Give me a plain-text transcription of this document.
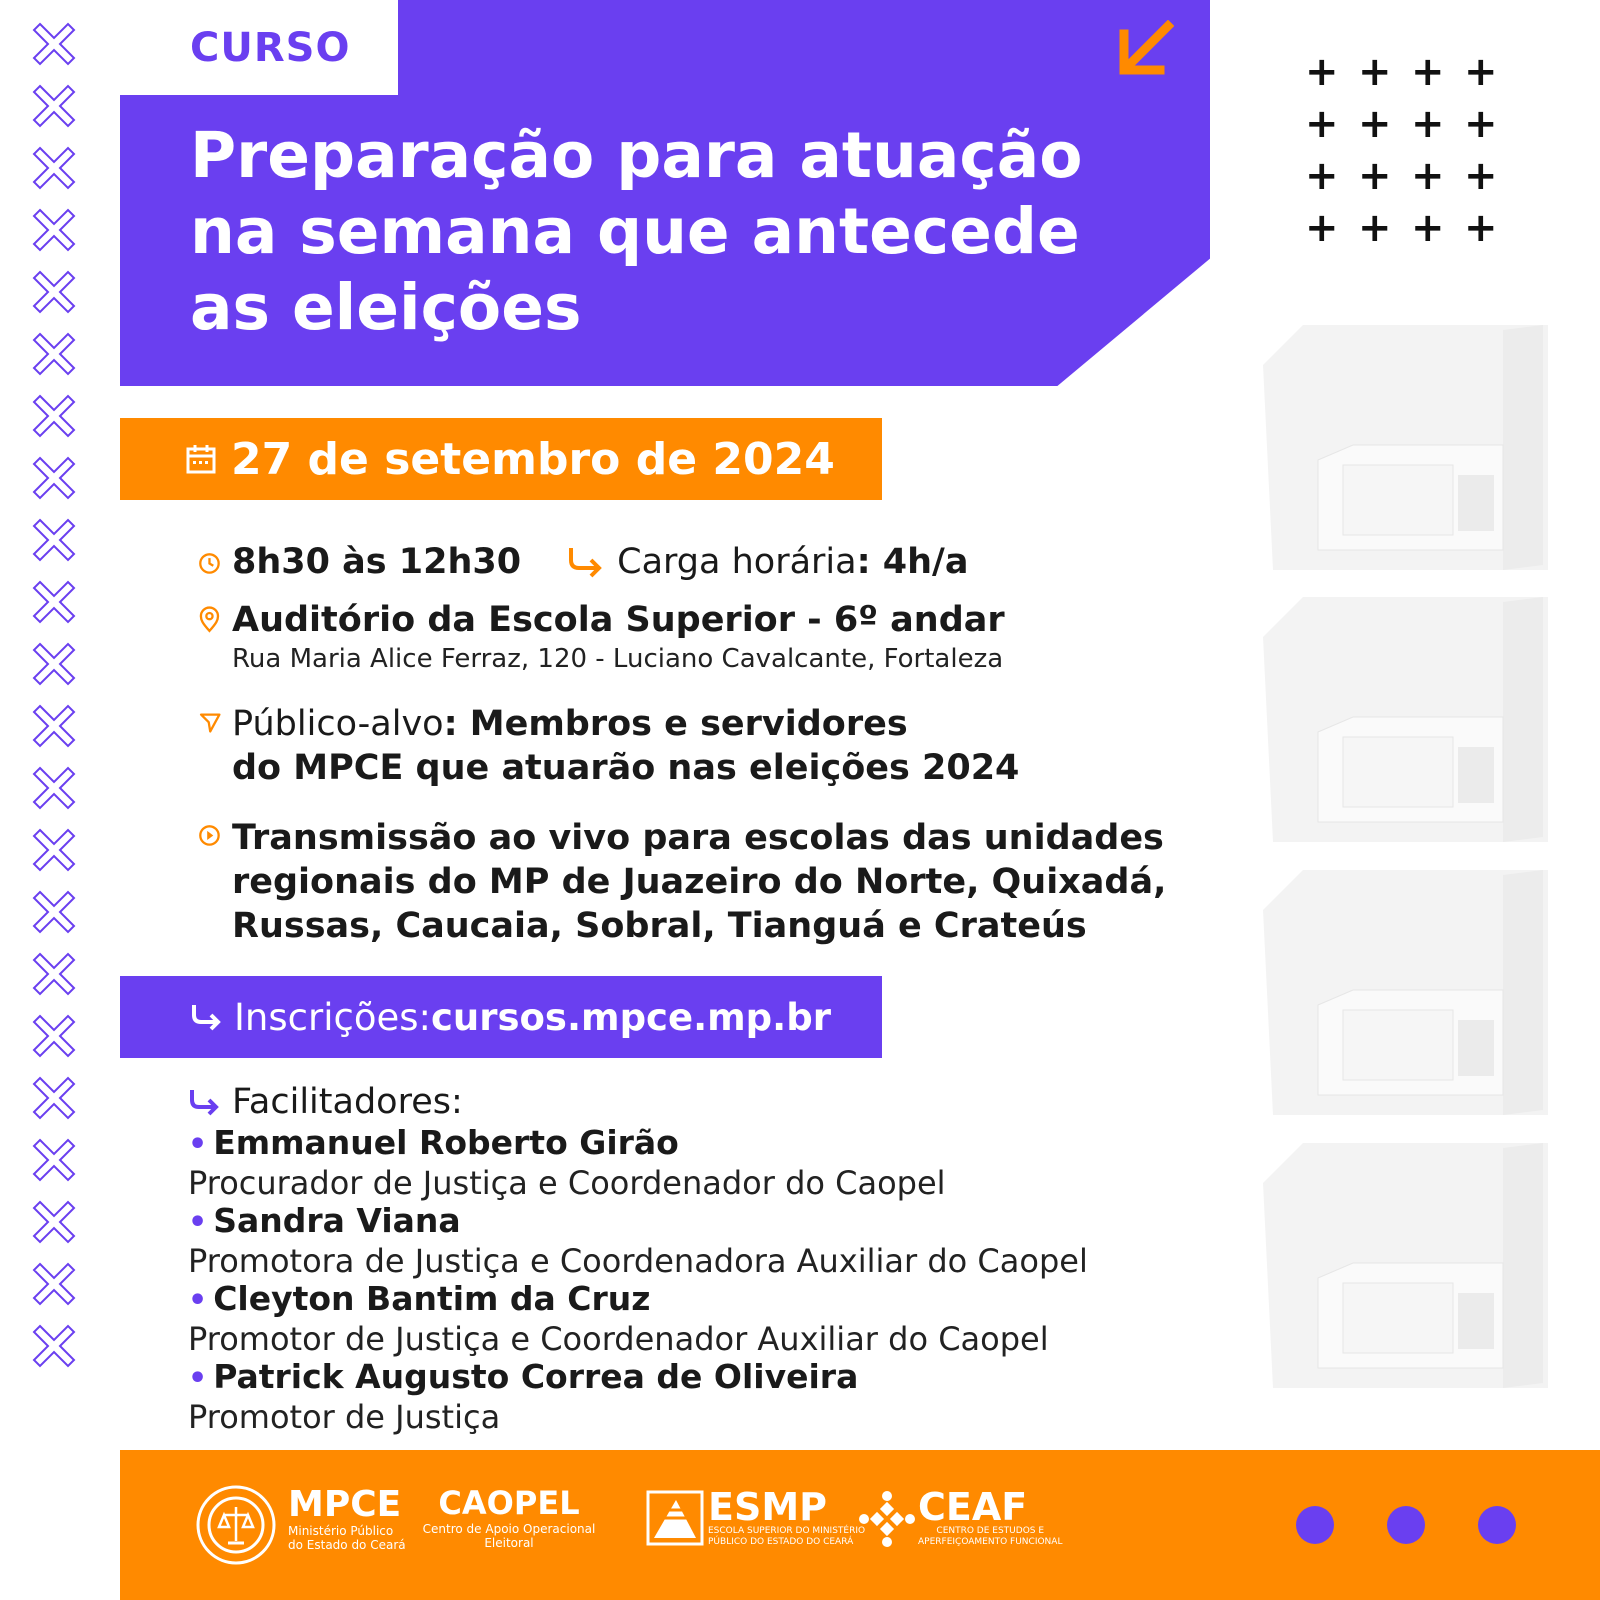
CURSO
Preparação para atuação
na semana que antecede
as eleições
+ + + +
+ + + +
+ + + +
+ + + +
27 de setembro de 2024
8h30 às 12h30	Carga horária : 4h/a
Auditório da Escola Superior - 6º andar
Rua Maria Alice Ferraz, 120 - Luciano Cavalcante, Fortaleza
Público-alvo: Membros e servidores
do MPCE que atuarão nas eleições 2024
Transmissão ao vivo para escolas das unidades
regionais do MP de Juazeiro do Norte, Quixadá,
Russas, Caucaia, Sobral, Tianguá e Crateús
Inscrições: cursos.mpce.mp.br
Facilitadores:
• Emmanuel Roberto Girão
Procurador de Justiça e Coordenador do Caopel
• Sandra Viana
Promotora de Justiça e Coordenadora Auxiliar do Caopel
• Cleyton Bantim da Cruz
Promotor de Justiça e Coordenador Auxiliar do Caopel
• Patrick Augusto Correa de Oliveira
Promotor de Justiça
MPCE
Ministério Público
do Estado do Ceará
CAOPEL
Centro de Apoio Operacional
Eleitoral
ESMP
ESCOLA SUPERIOR DO MINISTÉRIO
PÚBLICO DO ESTADO DO CEARÁ
CEAF
CENTRO DE ESTUDOS E
APERFEIÇOAMENTO FUNCIONAL
